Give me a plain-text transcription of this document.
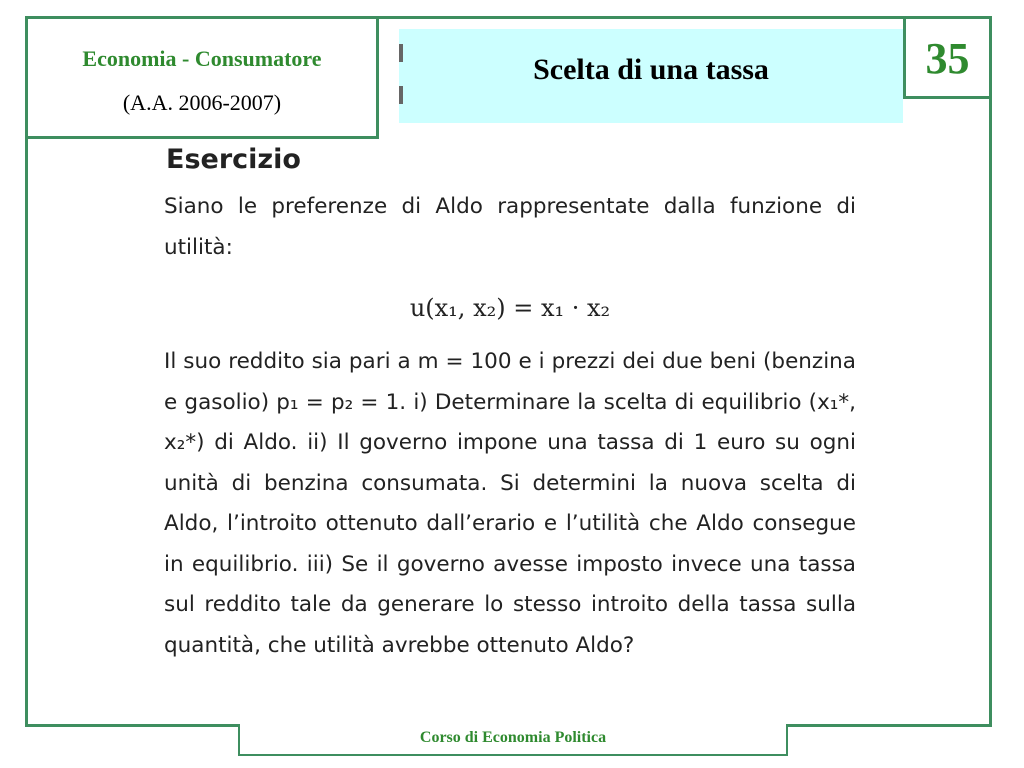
Economia - Consumatore
(A.A. 2006-2007)
Scelta di una tassa	35
Esercizio

Siano le preferenze di Aldo rappresentate dalla funzione di utilità:

u(x₁, x₂) = x₁ · x₂

Il suo reddito sia pari a m = 100 e i prezzi dei due beni (benzina e gasolio) p₁ = p₂ = 1. i) Determinare la scelta di equilibrio (x₁*, x₂*) di Aldo. ii) Il governo impone una tassa di 1 euro su ogni unità di benzina consumata. Si determini la nuova scelta di Aldo, l’introito ottenuto dall’erario e l’utilità che Aldo consegue in equilibrio. iii) Se il governo avesse imposto invece una tassa sul reddito tale da generare lo stesso introito della tassa sulla quantità, che utilità avrebbe ottenuto Aldo?

Corso di Economia Politica
